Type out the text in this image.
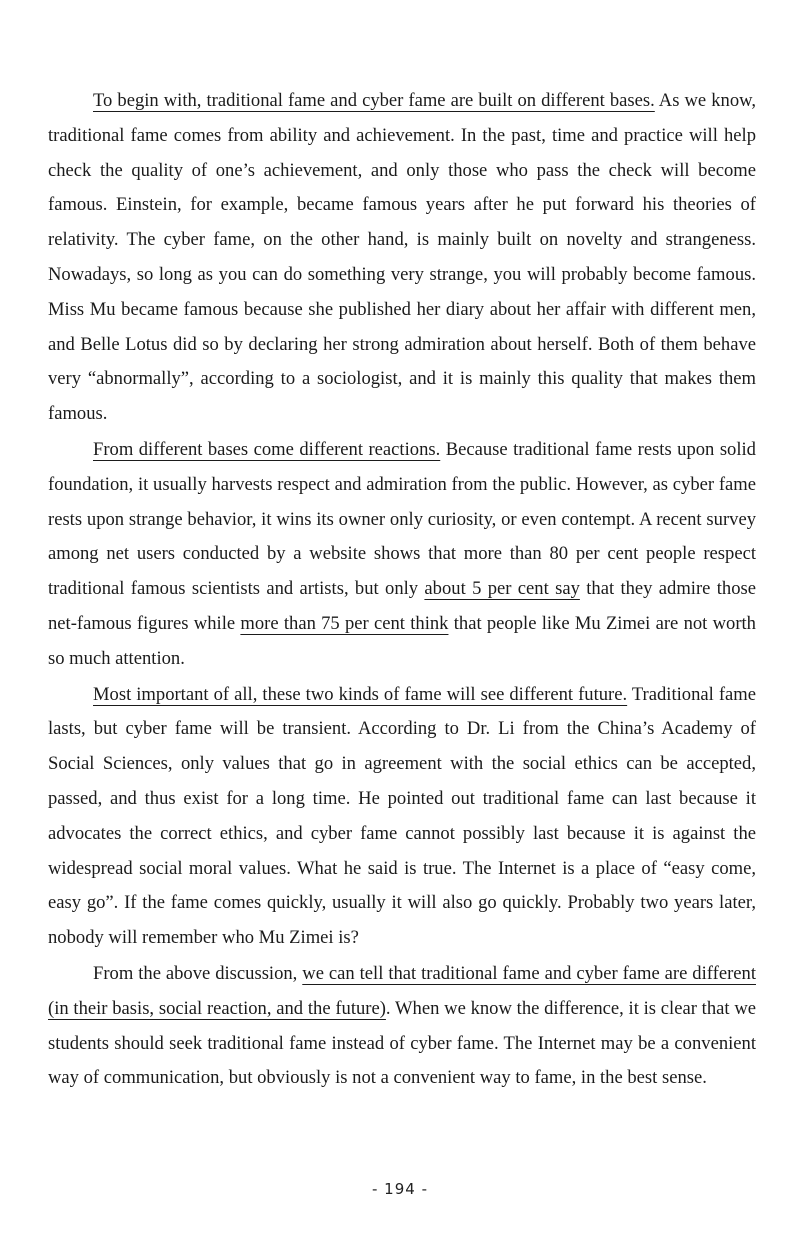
To begin with, traditional fame and cyber fame are built on different bases. As we know, traditional fame comes from ability and achievement. In the past, time and practice will help check the quality of one’s achievement, and only those who pass the check will become famous. Einstein, for example, became famous years after he put forward his theories of relativity. The cyber fame, on the other hand, is mainly built on novelty and strangeness. Nowadays, so long as you can do something very strange, you will probably become famous. Miss Mu became famous because she published her diary about her affair with different men, and Belle Lotus did so by declaring her strong admiration about herself. Both of them behave very “abnormally”, according to a sociologist, and it is mainly this quality that makes them famous.

From different bases come different reactions. Because traditional fame rests upon solid foundation, it usually harvests respect and admiration from the public. However, as cyber fame rests upon strange behavior, it wins its owner only curiosity, or even contempt. A recent survey among net users conducted by a website shows that more than 80 per cent people respect traditional famous scientists and artists, but only about 5 per cent say that they admire those net-famous figures while more than 75 per cent think that people like Mu Zimei are not worth so much attention.

Most important of all, these two kinds of fame will see different future. Traditional fame lasts, but cyber fame will be transient. According to Dr. Li from the China’s Academy of Social Sciences, only values that go in agreement with the social ethics can be accepted, passed, and thus exist for a long time. He pointed out traditional fame can last because it advocates the correct ethics, and cyber fame cannot possibly last because it is against the widespread social moral values. What he said is true. The Internet is a place of “easy come, easy go”. If the fame comes quickly, usually it will also go quickly. Probably two years later, nobody will remember who Mu Zimei is?

From the above discussion, we can tell that traditional fame and cyber fame are different (in their basis, social reaction, and the future). When we know the difference, it is clear that we students should seek traditional fame instead of cyber fame. The Internet may be a convenient way of communication, but obviously is not a convenient way to fame, in the best sense.

- 194 -
